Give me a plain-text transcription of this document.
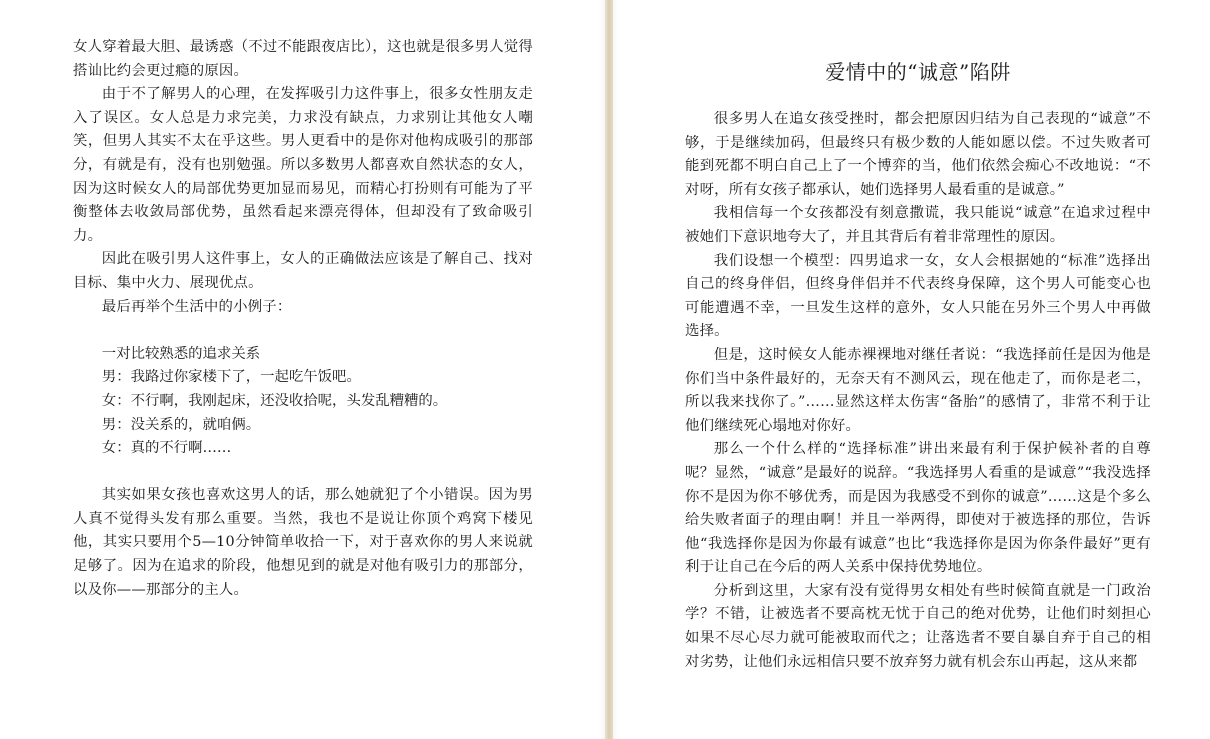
女人穿着最大胆、最诱惑（不过不能跟夜店比），这也就是很多男人觉得搭讪比约会更过瘾的原因。

由于不了解男人的心理，在发挥吸引力这件事上，很多女性朋友走入了误区。女人总是力求完美，力求没有缺点，力求别让其他女人嘲笑，但男人其实不太在乎这些。男人更看中的是你对他构成吸引的那部分，有就是有，没有也别勉强。所以多数男人都喜欢自然状态的女人，因为这时候女人的局部优势更加显而易见，而精心打扮则有可能为了平衡整体去收敛局部优势，虽然看起来漂亮得体，但却没有了致命吸引力。

因此在吸引男人这件事上，女人的正确做法应该是了解自己、找对目标、集中火力、展现优点。

最后再举个生活中的小例子：

一对比较熟悉的追求关系

男：我路过你家楼下了，一起吃午饭吧。

女：不行啊，我刚起床，还没收拾呢，头发乱糟糟的。

男：没关系的，就咱俩。

女：真的不行啊……

其实如果女孩也喜欢这男人的话，那么她就犯了个小错误。因为男人真不觉得头发有那么重要。当然，我也不是说让你顶个鸡窝下楼见他，其实只要用个5—10分钟简单收拾一下，对于喜欢你的男人来说就足够了。因为在追求的阶段，他想见到的就是对他有吸引力的那部分，以及你——那部分的主人。

爱情中的“诚意”陷阱

很多男人在追女孩受挫时，都会把原因归结为自己表现的“诚意”不够，于是继续加码，但最终只有极少数的人能如愿以偿。不过失败者可能到死都不明白自己上了一个博弈的当，他们依然会痴心不改地说：“不对呀，所有女孩子都承认，她们选择男人最看重的是诚意。”

我相信每一个女孩都没有刻意撒谎，我只能说“诚意”在追求过程中被她们下意识地夸大了，并且其背后有着非常理性的原因。

我们设想一个模型：四男追求一女，女人会根据她的“标准”选择出自己的终身伴侣，但终身伴侣并不代表终身保障，这个男人可能变心也可能遭遇不幸，一旦发生这样的意外，女人只能在另外三个男人中再做选择。

但是，这时候女人能赤裸裸地对继任者说：“我选择前任是因为他是你们当中条件最好的，无奈天有不测风云，现在他走了，而你是老二，所以我来找你了。”……显然这样太伤害“备胎”的感情了，非常不利于让他们继续死心塌地对你好。

那么一个什么样的“选择标准”讲出来最有利于保护候补者的自尊呢？显然，“诚意”是最好的说辞。“我选择男人看重的是诚意”“我没选择你不是因为你不够优秀，而是因为我感受不到你的诚意”……这是个多么给失败者面子的理由啊！并且一举两得，即使对于被选择的那位，告诉他“我选择你是因为你最有诚意”也比“我选择你是因为你条件最好”更有利于让自己在今后的两人关系中保持优势地位。

分析到这里，大家有没有觉得男女相处有些时候简直就是一门政治学？不错，让被选者不要高枕无忧于自己的绝对优势，让他们时刻担心如果不尽心尽力就可能被取而代之；让落选者不要自暴自弃于自己的相对劣势，让他们永远相信只要不放弃努力就有机会东山再起，这从来都
